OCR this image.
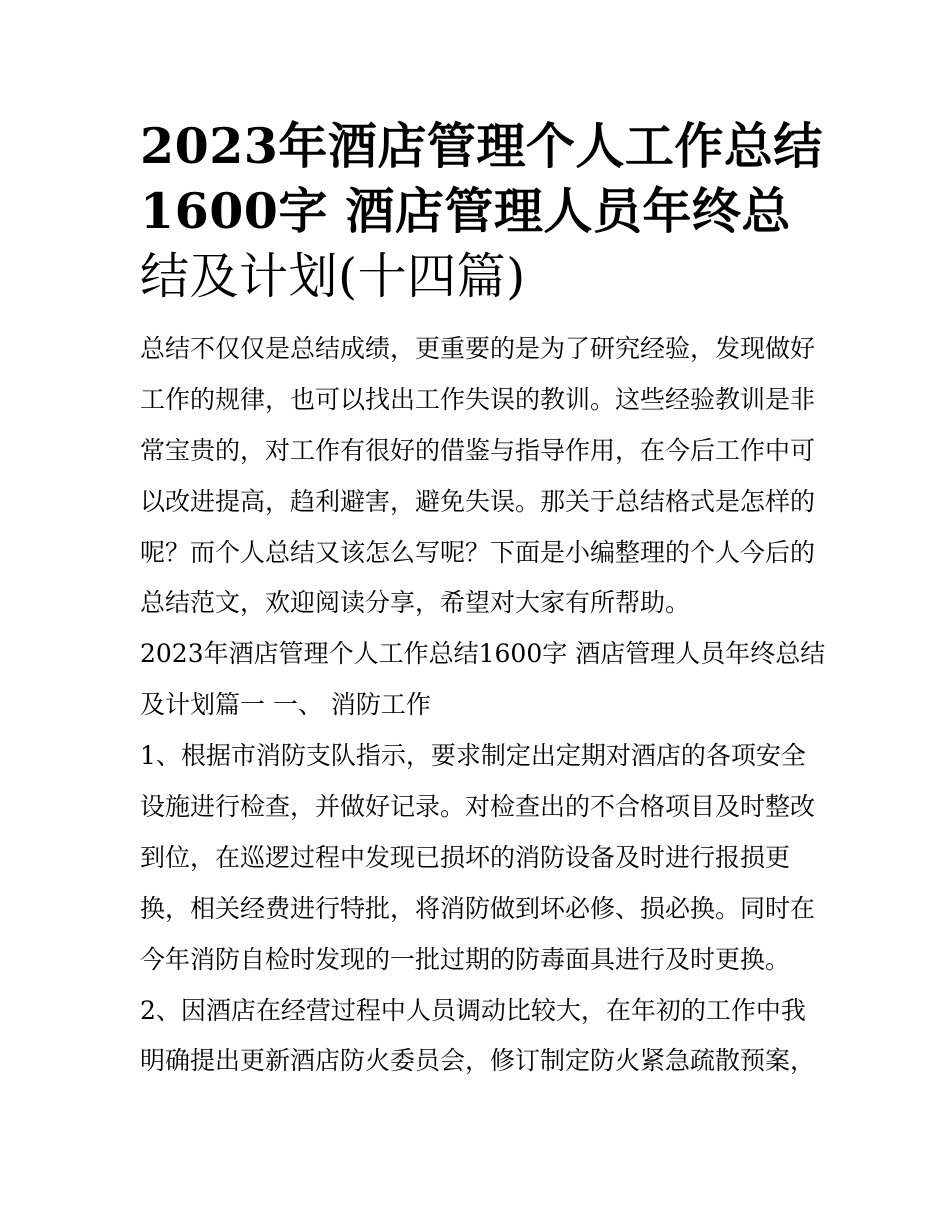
2023年酒店管理个人工作总结
1600字 酒店管理人员年终总
结及计划(十四篇)
总结不仅仅是总结成绩，更重要的是为了研究经验，发现做好
工作的规律，也可以找出工作失误的教训。这些经验教训是非
常宝贵的，对工作有很好的借鉴与指导作用，在今后工作中可
以改进提高，趋利避害，避免失误。那关于总结格式是怎样的
呢？而个人总结又该怎么写呢？下面是小编整理的个人今后的
总结范文，欢迎阅读分享，希望对大家有所帮助。
2023年酒店管理个人工作总结1600字 酒店管理人员年终总结
及计划篇一 一、 消防工作
1、根据市消防支队指示，要求制定出定期对酒店的各项安全
设施进行检查，并做好记录。对检查出的不合格项目及时整改
到位，在巡逻过程中发现已损坏的消防设备及时进行报损更
换，相关经费进行特批，将消防做到坏必修、损必换。同时在
今年消防自检时发现的一批过期的防毒面具进行及时更换。
2、因酒店在经营过程中人员调动比较大，在年初的工作中我
明确提出更新酒店防火委员会，修订制定防火紧急疏散预案，
